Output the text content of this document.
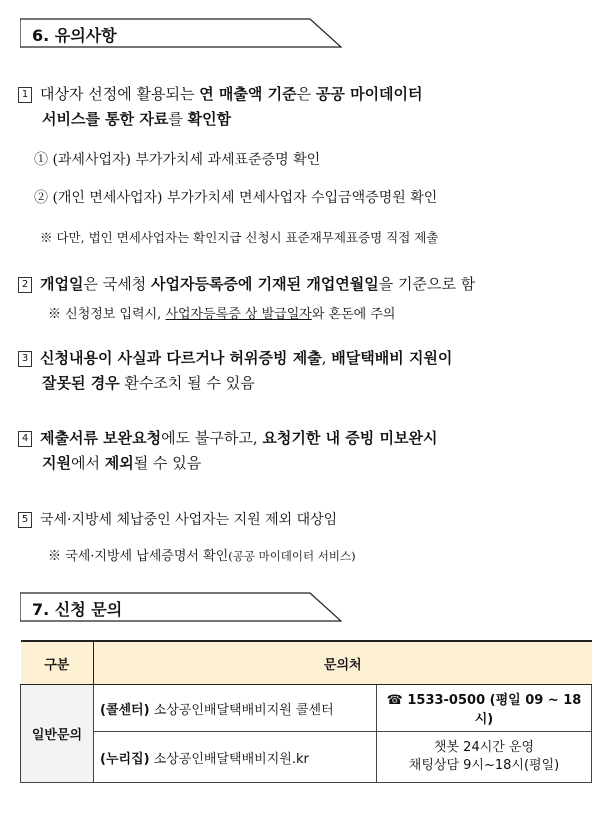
6. 유의사항
1 대상자 선정에 활용되는 연 매출액 기준은 공공 마이데이터
서비스를 통한 자료를 확인함
① (과세사업자) 부가가치세 과세표준증명 확인
② (개인 면세사업자) 부가가치세 면세사업자 수입금액증명원 확인
※ 다만, 법인 면세사업자는 확인지급 신청시 표준재무제표증명 직접 제출
2 개업일은 국세청 사업자등록증에 기재된 개업연월일을 기준으로 함
※ 신청정보 입력시, 사업자등록증 상 발급일자와 혼돈에 주의
3 신청내용이 사실과 다르거나 허위증빙 제출, 배달택배비 지원이
잘못된 경우 환수조치 될 수 있음
4 제출서류 보완요청에도 불구하고, 요청기한 내 증빙 미보완시
지원에서 제외될 수 있음
5 국세·지방세 체납중인 사업자는 지원 제외 대상임
※ 국세·지방세 납세증명서 확인(공공 마이데이터 서비스)
7. 신청 문의
구분	문의처	
일반문의	(콜센터) 소상공인배달택배비지원 콜센터	☎ 1533-0500 (평일 09 ~ 18시)
	(누리집) 소상공인배달택배비지원.kr	챗봇 24시간 운영
채팅상담 9시~18시(평일)
